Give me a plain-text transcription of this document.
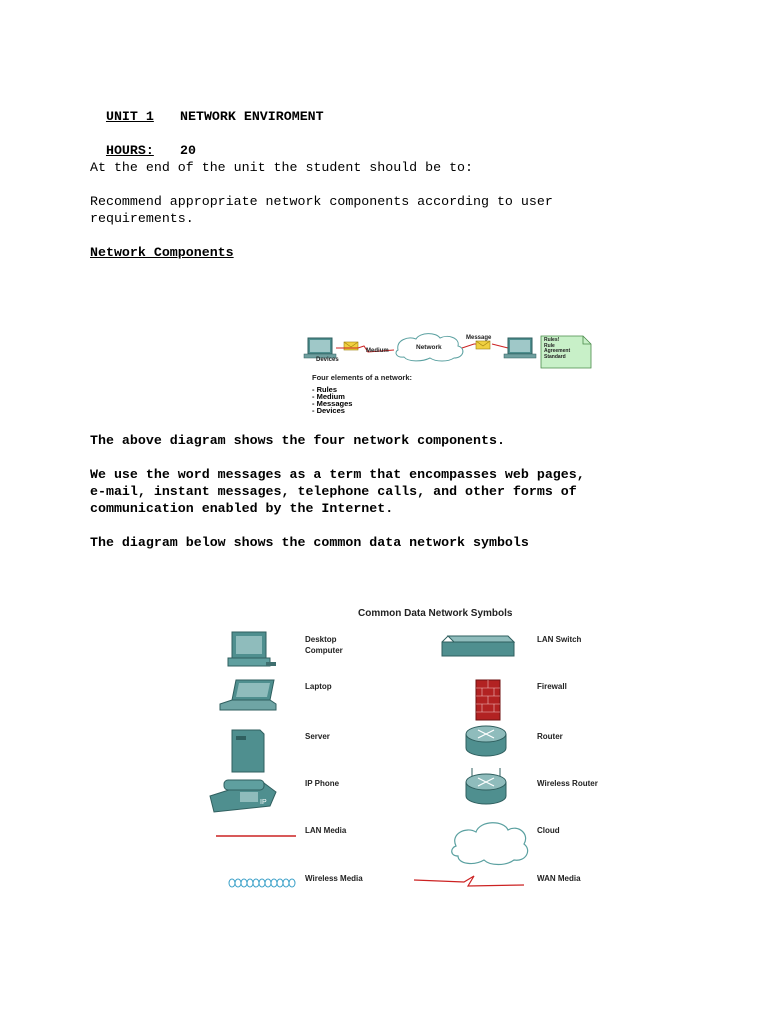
UNIT 1 NETWORK ENVIROMENT

HOURS: 20

At the end of the unit the student should be to:
Recommend appropriate network components according to user
requirements.
Network Components
Devices
Medium	Network
Message	Rules!
Rule
Agreement
Standard
Four elements of a network:
- Rules
- Medium
- Messages
- Devices
The above diagram shows the four network components.
We use the word messages as a term that encompasses web pages,
e-mail, instant messages, telephone calls, and other forms of
communication enabled by the Internet.
The diagram below shows the common data network symbols
Common Data Network Symbols
IP
Desktop
Computer
Laptop
Server
IP Phone
LAN Media
Wireless Media
LAN Switch
Firewall
Router
Wireless Router
Cloud
WAN Media
